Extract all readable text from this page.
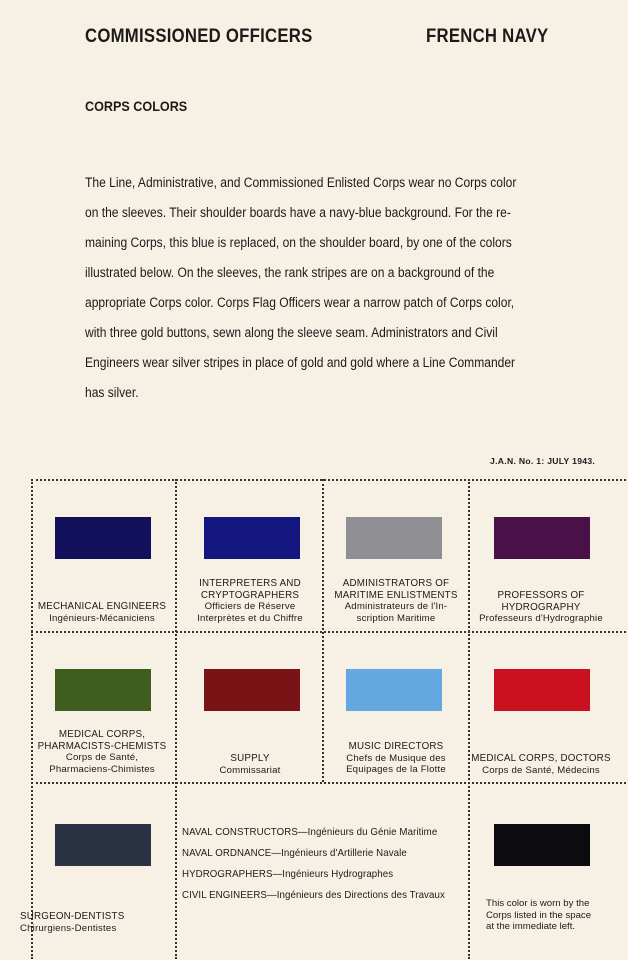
COMMISSIONED OFFICERS	FRENCH NAVY
CORPS COLORS

The Line, Administrative, and Commissioned Enlisted Corps wear no Corps color

on the sleeves. Their shoulder boards have a navy-blue background. For the re-

maining Corps, this blue is replaced, on the shoulder board, by one of the colors

illustrated below. On the sleeves, the rank stripes are on a background of the

appropriate Corps color. Corps Flag Officers wear a narrow patch of Corps color,

with three gold buttons, sewn along the sleeve seam. Administrators and Civil

Engineers wear silver stripes in place of gold and gold where a Line Commander

has silver.

J.A.N. No. 1: JULY 1943.
MECHANICAL ENGINEERS
Ingénieurs-Mécaniciens
INTERPRETERS AND
CRYPTOGRAPHERS
Officiers de Réserve
Interprètes et du Chiffre
ADMINISTRATORS OF
MARITIME ENLISTMENTS
Administrateurs de l'In-
scription Maritime
PROFESSORS OF
HYDROGRAPHY
Professeurs d'Hydrographie
MEDICAL CORPS,
PHARMACISTS-CHEMISTS
Corps de Santé,
Pharmaciens-Chimistes
SUPPLY
Commissariat
MUSIC DIRECTORS
Chefs de Musique des
Equipages de la Flotte
MEDICAL CORPS, DOCTORS
Corps de Santé, Médecins
SURGEON-DENTISTS
Chirurgiens-Dentistes
NAVAL CONSTRUCTORS—Ingénieurs du Génie Maritime
NAVAL ORDNANCE—Ingénieurs d'Artillerie Navale
HYDROGRAPHERS—Ingénieurs Hydrographes
CIVIL ENGINEERS—Ingénieurs des Directions des Travaux
This color is worn by the
Corps listed in the space
at the immediate left.
